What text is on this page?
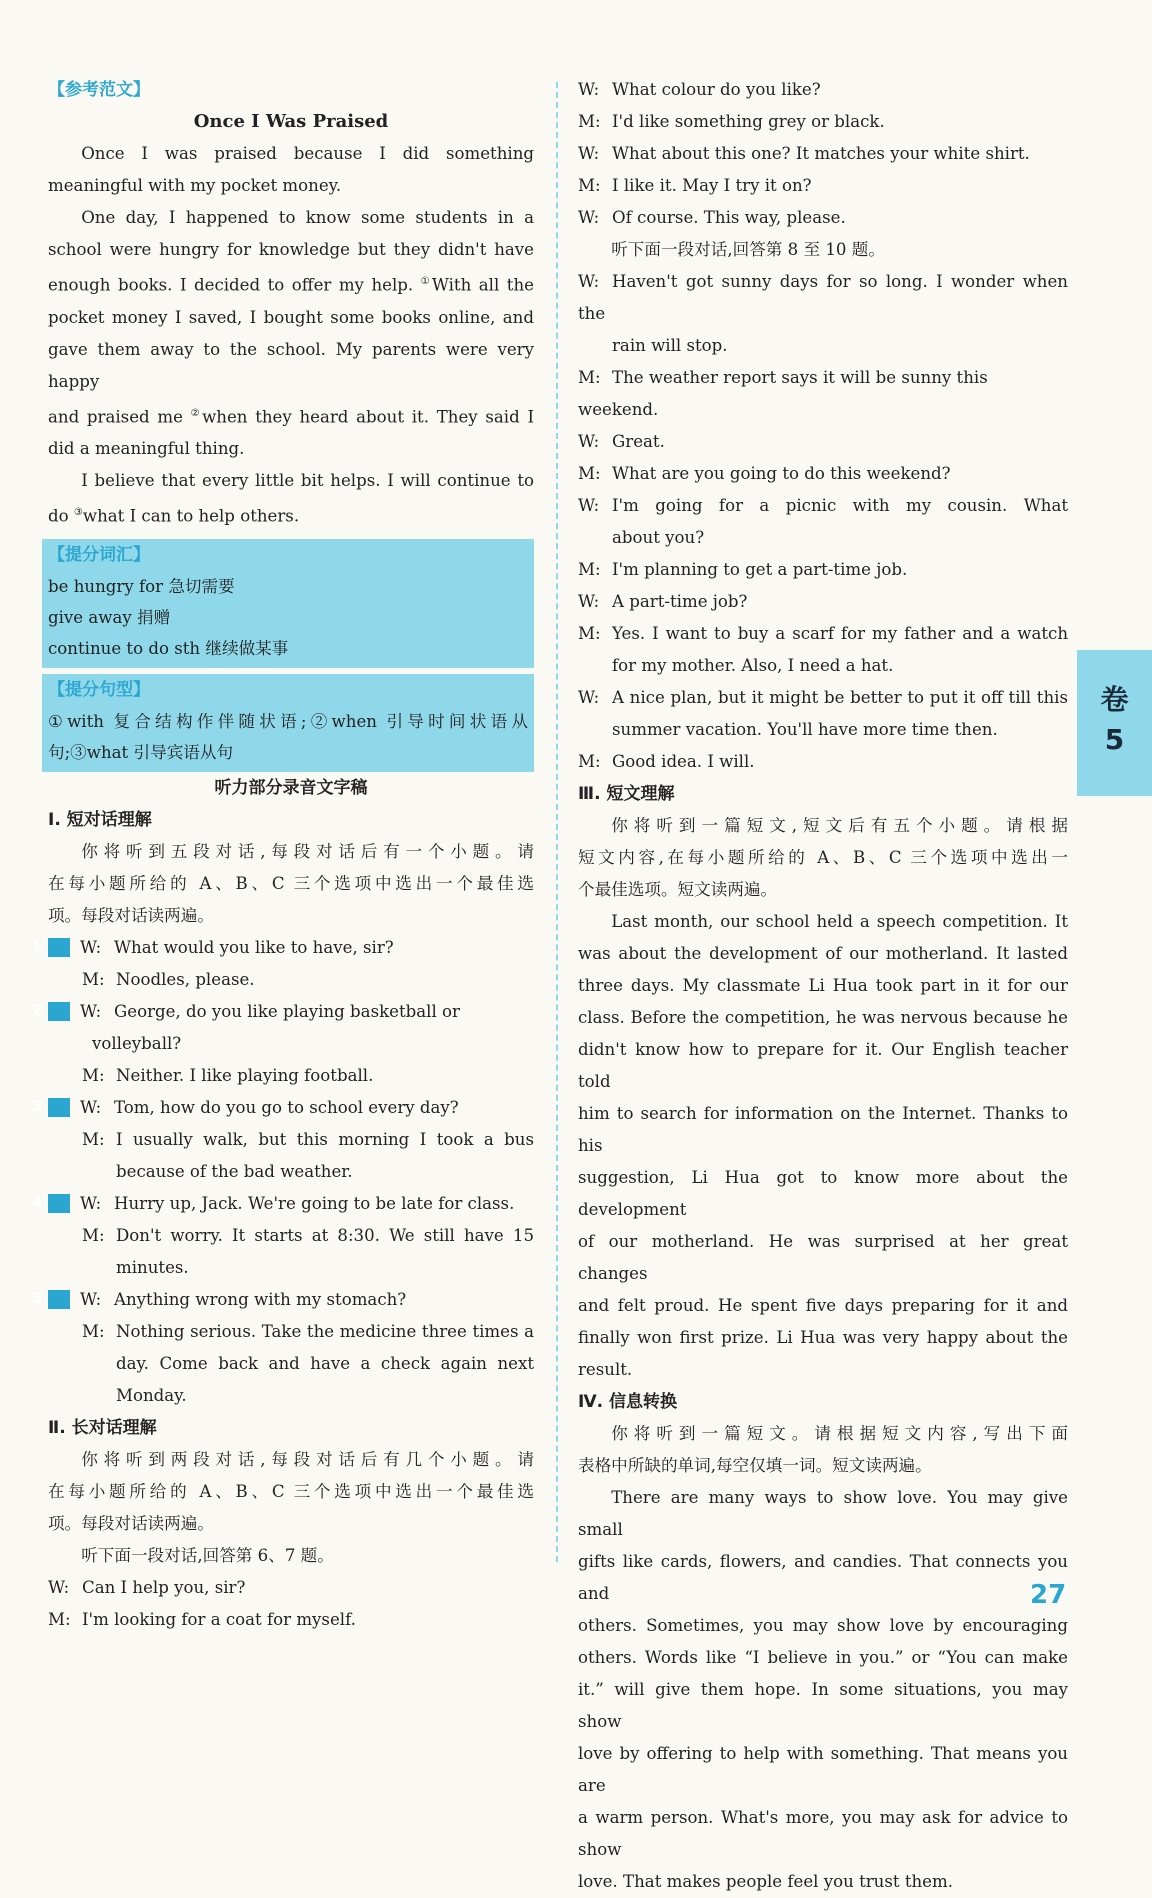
【参考范文】
Once I Was Praised

Once I was praised because I did something

meaningful with my pocket money.

One day, I happened to know some students in a

school were hungry for knowledge but they didn't have

enough books. I decided to offer my help. ①With all the

pocket money I saved, I bought some books online, and

gave them away to the school. My parents were very happy

and praised me ②when they heard about it. They said I

did a meaningful thing.

I believe that every little bit helps. I will continue to

do ③what I can to help others.

【提分词汇】

be hungry for 急切需要

give away 捐赠

continue to do sth 继续做某事

【提分句型】

①with 复合结构作伴随状语;②when 引导时间状语从

句;③what 引导宾语从句

听力部分录音文字稿
Ⅰ. 短对话理解

你将听到五段对话,每段对话后有一个小题。请

在每小题所给的 A、B、C 三个选项中选出一个最佳选

项。每段对话读两遍。

1 W: What would you like to have, sir?

M: Noodles, please.

2 W: George, do you like playing basketball or volleyball?

M: Neither. I like playing football.

3 W: Tom, how do you go to school every day?

M: I usually walk, but this morning I took a bus

because of the bad weather.

4 W: Hurry up, Jack. We're going to be late for class.

M: Don't worry. It starts at 8:30. We still have 15

minutes.

5 W: Anything wrong with my stomach?

M: Nothing serious. Take the medicine three times a

day. Come back and have a check again next

Monday.

Ⅱ. 长对话理解

你将听到两段对话,每段对话后有几个小题。请

在每小题所给的 A、B、C 三个选项中选出一个最佳选

项。每段对话读两遍。

听下面一段对话,回答第 6、7 题。

W: Can I help you, sir?

M: I'm looking for a coat for myself.

W: What colour do you like?

M: I'd like something grey or black.

W: What about this one? It matches your white shirt.

M: I like it. May I try it on?

W: Of course. This way, please.

听下面一段对话,回答第 8 至 10 题。

W: Haven't got sunny days for so long. I wonder when the

rain will stop.

M: The weather report says it will be sunny this weekend.

W: Great.

M: What are you going to do this weekend?

W: I'm going for a picnic with my cousin. What

about you?

M: I'm planning to get a part-time job.

W: A part-time job?

M: Yes. I want to buy a scarf for my father and a watch

for my mother. Also, I need a hat.

W: A nice plan, but it might be better to put it off till this

summer vacation. You'll have more time then.

M: Good idea. I will.

Ⅲ. 短文理解

你将听到一篇短文,短文后有五个小题。请根据

短文内容,在每小题所给的 A、B、C 三个选项中选出一

个最佳选项。短文读两遍。

Last month, our school held a speech competition. It

was about the development of our motherland. It lasted

three days. My classmate Li Hua took part in it for our

class. Before the competition, he was nervous because he

didn't know how to prepare for it. Our English teacher told

him to search for information on the Internet. Thanks to his

suggestion, Li Hua got to know more about the development

of our motherland. He was surprised at her great changes

and felt proud. He spent five days preparing for it and

finally won first prize. Li Hua was very happy about the

result.

Ⅳ. 信息转换

你将听到一篇短文。请根据短文内容,写出下面

表格中所缺的单词,每空仅填一词。短文读两遍。

There are many ways to show love. You may give small

gifts like cards, flowers, and candies. That connects you and

others. Sometimes, you may show love by encouraging

others. Words like “I believe in you.” or “You can make

it.” will give them hope. In some situations, you may show

love by offering to help with something. That means you are

a warm person. What's more, you may ask for advice to show

love. That makes people feel you trust them.

卷
5
27
